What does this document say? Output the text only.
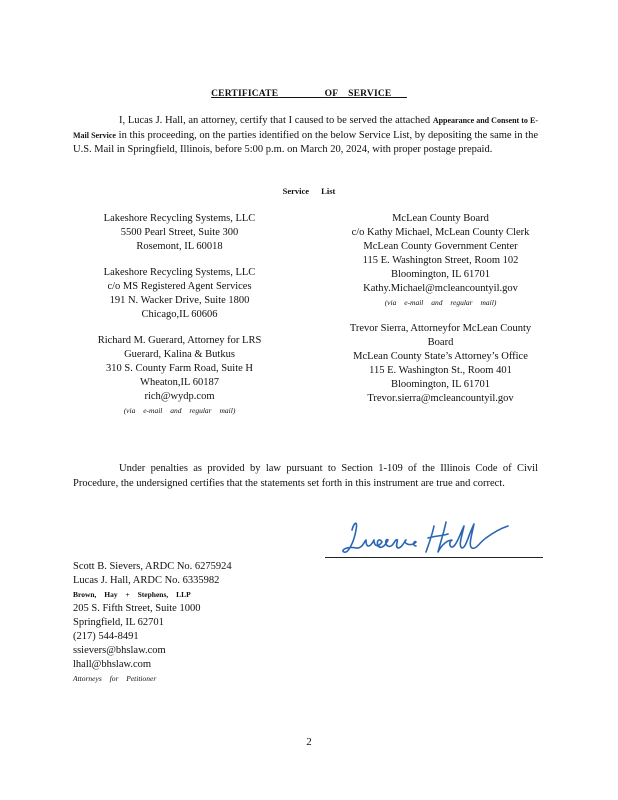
CERTIFICATE	OF    SERVICE

I, Lucas J. Hall, an attorney, certify that I caused to be served the attached Appearance and Consent to E-Mail Service in this proceeding, on the parties identified on the below Service List, by depositing the same in the U.S. Mail in Springfield, Illinois, before 5:00 p.m. on March 20, 2024, with proper postage prepaid.

Service List
Lakeshore Recycling Systems, LLC
5500 Pearl Street, Suite 300
Rosemont, IL 60018
Lakeshore Recycling Systems, LLC
c/o MS Registered Agent Services
191 N. Wacker Drive, Suite 1800
Chicago,IL 60606
Richard M. Guerard, Attorney for LRS
Guerard, Kalina & Butkus
310 S. County Farm Road, Suite H
Wheaton,IL 60187
rich@wydp.com
(via e-mail and regular mail)
McLean County Board
c/o Kathy Michael, McLean County Clerk
McLean County Government Center
115 E. Washington Street, Room 102
Bloomington, IL 61701
Kathy.Michael@mcleancountyil.gov
(via e-mail and regular mail)
Trevor Sierra, Attorneyfor McLean County
Board
McLean County State’s Attorney’s Office
115 E. Washington St., Room 401
Bloomington, IL 61701
Trevor.sierra@mcleancountyil.gov

Under penalties as provided by law pursuant to Section 1-109 of the Illinois Code of Civil Procedure, the undersigned certifies that the statements set forth in this instrument are true and correct.

Scott B. Sievers, ARDC No. 6275924
Lucas J. Hall, ARDC No. 6335982
Brown, Hay + Stephens, LLP
205 S. Fifth Street, Suite 1000
Springfield, IL 62701
(217) 544-8491
ssievers@bhslaw.com
lhall@bhslaw.com
Attorneys for Petitioner
2
